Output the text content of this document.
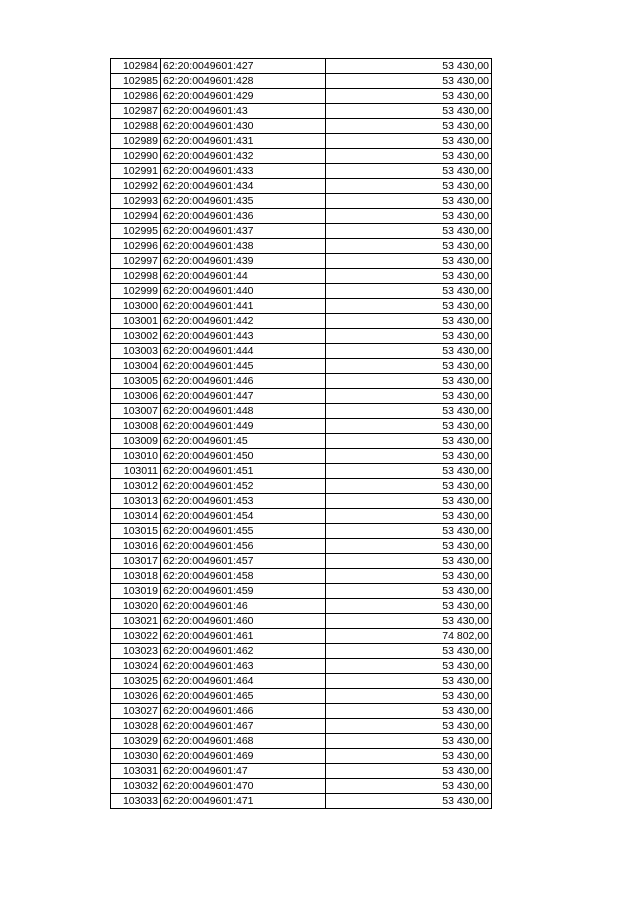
102984	62:20:0049601:427	53 430,00
102985	62:20:0049601:428	53 430,00
102986	62:20:0049601:429	53 430,00
102987	62:20:0049601:43	53 430,00
102988	62:20:0049601:430	53 430,00
102989	62:20:0049601:431	53 430,00
102990	62:20:0049601:432	53 430,00
102991	62:20:0049601:433	53 430,00
102992	62:20:0049601:434	53 430,00
102993	62:20:0049601:435	53 430,00
102994	62:20:0049601:436	53 430,00
102995	62:20:0049601:437	53 430,00
102996	62:20:0049601:438	53 430,00
102997	62:20:0049601:439	53 430,00
102998	62:20:0049601:44	53 430,00
102999	62:20:0049601:440	53 430,00
103000	62:20:0049601:441	53 430,00
103001	62:20:0049601:442	53 430,00
103002	62:20:0049601:443	53 430,00
103003	62:20:0049601:444	53 430,00
103004	62:20:0049601:445	53 430,00
103005	62:20:0049601:446	53 430,00
103006	62:20:0049601:447	53 430,00
103007	62:20:0049601:448	53 430,00
103008	62:20:0049601:449	53 430,00
103009	62:20:0049601:45	53 430,00
103010	62:20:0049601:450	53 430,00
103011	62:20:0049601:451	53 430,00
103012	62:20:0049601:452	53 430,00
103013	62:20:0049601:453	53 430,00
103014	62:20:0049601:454	53 430,00
103015	62:20:0049601:455	53 430,00
103016	62:20:0049601:456	53 430,00
103017	62:20:0049601:457	53 430,00
103018	62:20:0049601:458	53 430,00
103019	62:20:0049601:459	53 430,00
103020	62:20:0049601:46	53 430,00
103021	62:20:0049601:460	53 430,00
103022	62:20:0049601:461	74 802,00
103023	62:20:0049601:462	53 430,00
103024	62:20:0049601:463	53 430,00
103025	62:20:0049601:464	53 430,00
103026	62:20:0049601:465	53 430,00
103027	62:20:0049601:466	53 430,00
103028	62:20:0049601:467	53 430,00
103029	62:20:0049601:468	53 430,00
103030	62:20:0049601:469	53 430,00
103031	62:20:0049601:47	53 430,00
103032	62:20:0049601:470	53 430,00
103033	62:20:0049601:471	53 430,00
